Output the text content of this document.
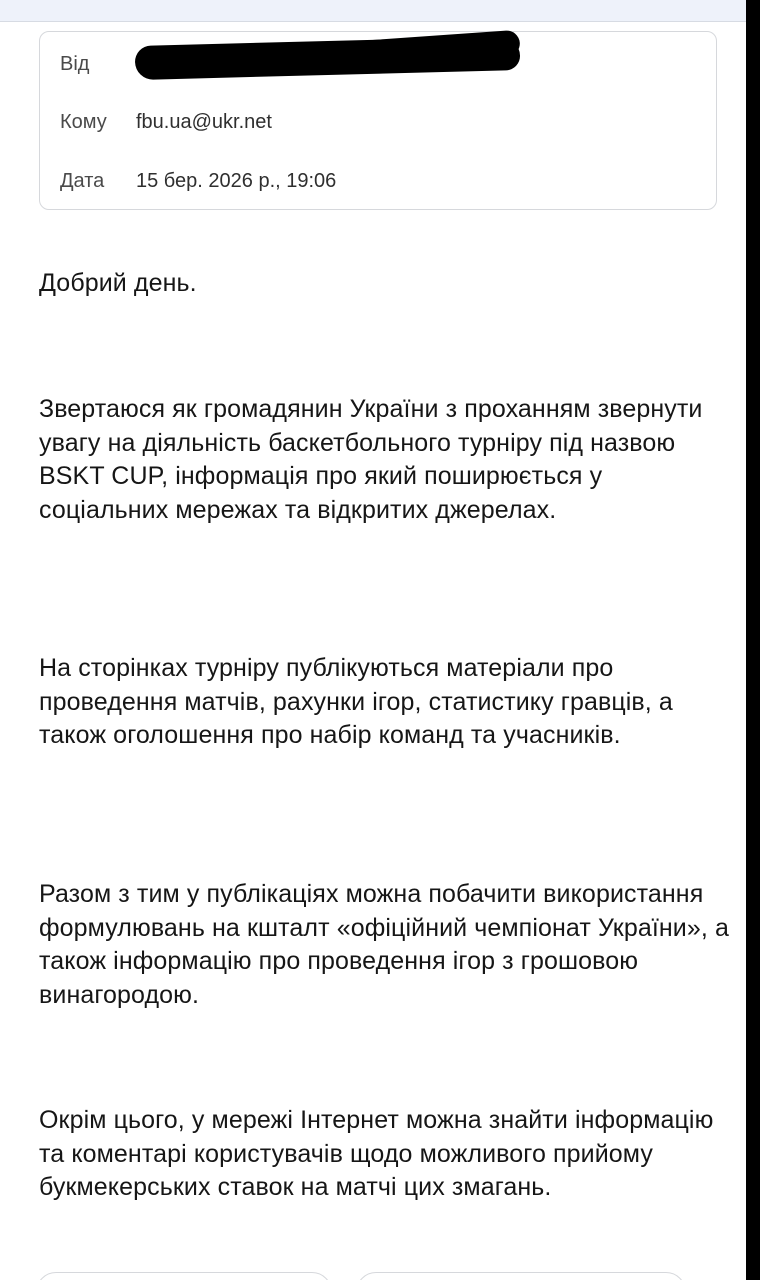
Від
Кому	fbu.ua@ukr.net
Дата	15 бер. 2026 р., 19:06

Добрий день.

Звертаюся як громадянин України з проханням звернути увагу на діяльність баскетбольного турніру під назвою BSKT CUP, інформація про який поширюється у соціальних мережах та відкритих джерелах.

На сторінках турніру публікуються матеріали про проведення матчів, рахунки ігор, статистику гравців, а також оголошення про набір команд та учасників.

Разом з тим у публікаціях можна побачити використання формулювань на кшталт «офіційний чемпіонат України», а також інформацію про проведення ігор з грошовою винагородою.

Окрім цього, у мережі Інтернет можна знайти інформацію та коментарі користувачів щодо можливого прийому букмекерських ставок на матчі цих змагань.
